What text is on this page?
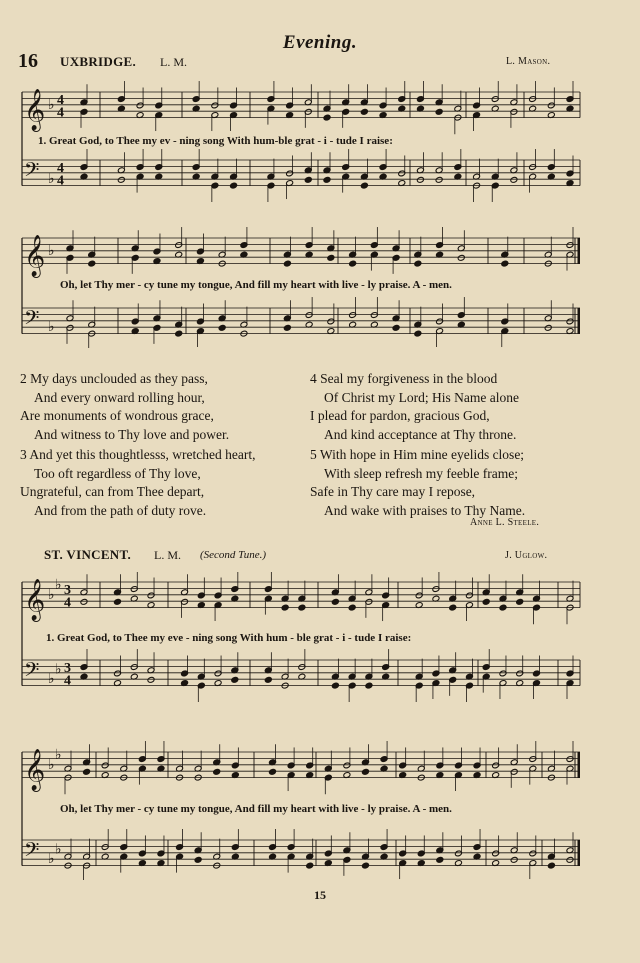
Evening.
16 UXBRIDGE. L. M.	L. Mason.
𝄞 ♭ 4
4
𝄢 ♭
4
4
1. Great God, to Thee my ev - ning song With hum-ble grat - i - tude I raise:
𝄞 ♭
𝄢 ♭
Oh, let Thy mer - cy tune my tongue, And fill my heart with live - ly praise. A - men.
2 My days unclouded as they pass,
And every onward rolling hour,
Are monuments of wondrous grace,
And witness to Thy love and power.
3 And yet this thoughtlesss, wretched heart,
Too oft regardless of Thy love,
Ungrateful, can from Thee depart,
And from the path of duty rove.
4 Seal my forgiveness in the blood
Of Christ my Lord; His Name alone
I plead for pardon, gracious God,
And kind acceptance at Thy throne.
5 With hope in Him mine eyelids close;
With sleep refresh my feeble frame;
Safe in Thy care may I repose,
And wake with praises to Thy Name.
Anne L. Steele.
ST. VINCENT. L. M. (Second Tune.)	J. Uglow.
𝄞 ♭
♭ 3
4
𝄢 ♭
♭ 3
4
1. Great God, to Thee my eve - ning song With hum - ble grat - i - tude I raise:
𝄞 ♭
♭
𝄢 ♭
♭
Oh, let Thy mer - cy tune my tongue, And fill my heart with live - ly praise. A - men.
15
